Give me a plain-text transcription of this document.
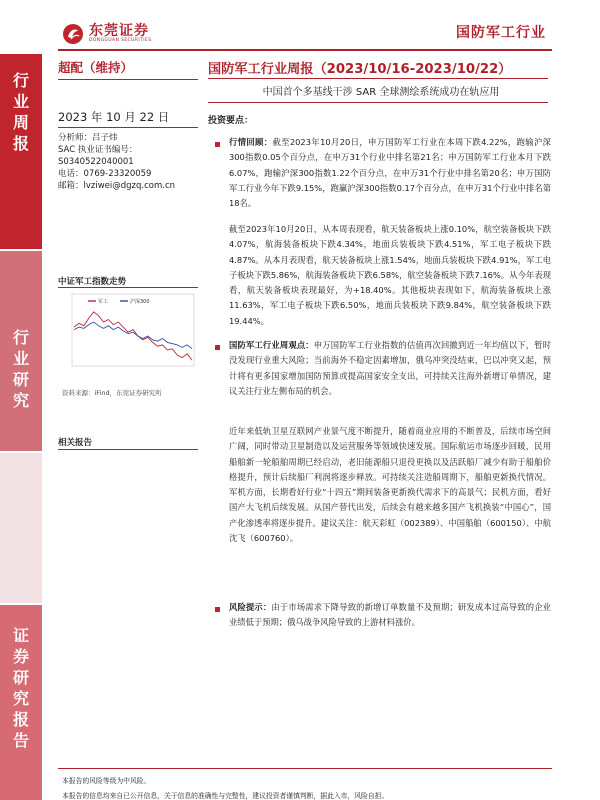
东莞证券
DONGGUAN SECURITIES	国防军工行业
行
业
周
报
行
业
研
究
证
券
研
究
报
告
超配（维持）
2023 年 10 月 22 日
分析师：吕子炜
SAC 执业证书编号：
S0340522040001
电话：0769-23320059
邮箱：lvziwei@dgzq.com.cn
中证军工指数走势
军工	沪深300
资料来源：iFind，东莞证券研究所
相关报告
国防军工行业周报（2023/10/16-2023/10/22）
中国首个多基线干涉 SAR 全球测绘系统成功在轨应用
投资要点：
行情回顾：截至2023年10月20日，申万国防军工行业在本周下跌4.22%，跑输沪深300指数0.05个百分点，在申万31个行业中排名第21名；申万国防军工行业本月下跌6.07%，跑输沪深300指数1.22个百分点，在申万31个行业中排名第20名；申万国防军工行业今年下跌9.15%，跑赢沪深300指数0.17个百分点，在申万31个行业中排名第18名。
截至2023年10月20日，从本周表现看，航天装备板块上涨0.10%，航空装备板块下跌4.07%，航海装备板块下跌4.34%，地面兵装板块下跌4.51%，军工电子板块下跌4.87%。从本月表现看，航天装备板块上涨1.54%，地面兵装板块下跌4.91%，军工电子板块下跌5.86%，航海装备板块下跌6.58%，航空装备板块下跌7.16%。从今年表现看，航天装备板块表现最好，为+18.40%。其他板块表现如下，航海装备板块上涨11.63%，军工电子板块下跌6.50%，地面兵装板块下跌9.84%，航空装备板块下跌19.44%。
国防军工行业周观点：申万国防军工行业指数的估值再次回撤到近一年均值以下，暂时没发现行业重大风险；当前海外不稳定因素增加，俄乌冲突没结束，巴以冲突又起，预计将有更多国家增加国防预算或提高国家安全支出，可持续关注海外新增订单情况，建议关注行业左侧布局的机会。
近年来低轨卫星互联网产业景气度不断提升，随着商业应用的不断普及，后续市场空间广阔，同时带动卫星制造以及运营服务等领域快速发展。国际航运市场逐步回暖，民用船舶新一轮船舶周期已经启动，老旧能源船只退役更换以及活跃船厂减少有助于船舶价格提升，预计后续船厂利润将逐步释放。可持续关注造船周期下，船舶更新换代情况。军机方面，长期看好行业“十四五”期间装备更新换代需求下的高景气；民机方面，看好国产大飞机后续发展。从国产替代出发，后续会有越来越多国产飞机换装“中国心”，国产化渗透率将逐步提升。建议关注：航天彩虹（002389）、中国船舶（600150）、中航沈飞（600760）。
风险提示：由于市场需求下降导致的新增订单数量不及预期；研发成本过高导致的企业业绩低于预期；俄乌战争风险导致的上游材料涨价。
本报告的风险等级为中风险。
本报告的信息均来自已公开信息，关于信息的准确性与完整性，建议投资者谨慎判断，据此入市，风险自担。
